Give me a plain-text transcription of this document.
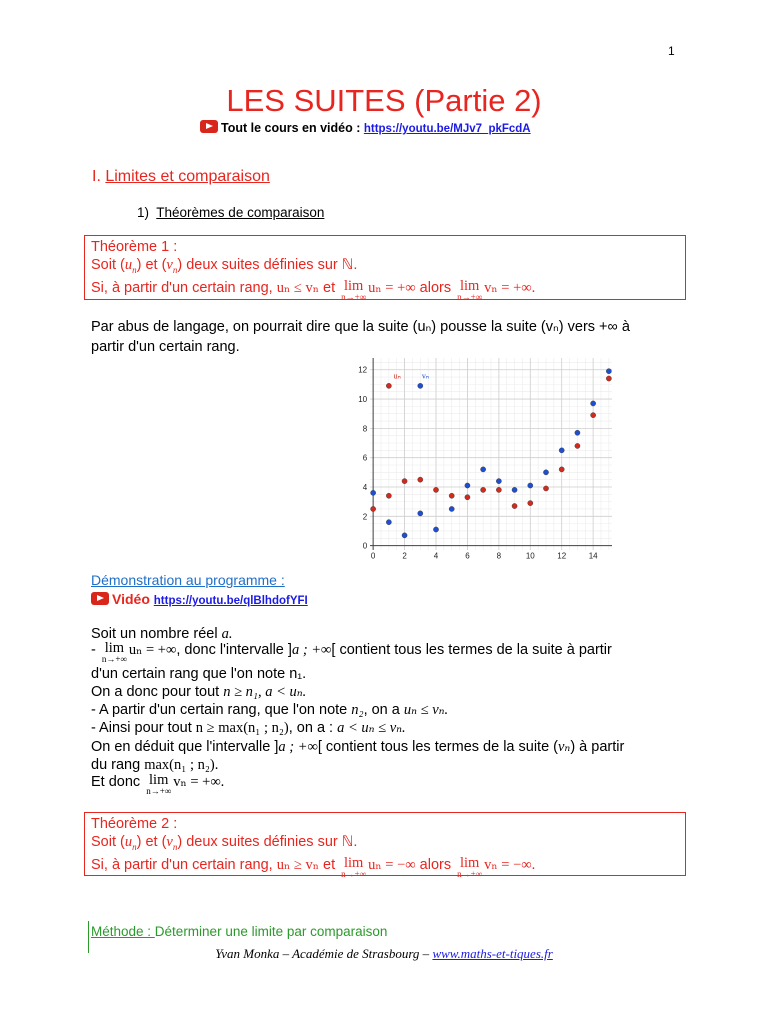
1
LES SUITES (Partie 2)
Tout le cours en vidéo : https://youtu.be/MJv7_pkFcdA
I. Limites et comparaison
1) Théorèmes de comparaison
Théorème 1 :
Soit $(u_n)$ et $(v_n)$ deux suites définies sur ℕ.
Si, à partir d'un certain rang, uₙ ≤ vₙ et lim
n→+∞
uₙ = +∞ alors lim
n→+∞
vₙ = +∞.
Par abus de langage, on pourrait dire que la suite (uₙ) pousse la suite (vₙ) vers +∞ à
partir d'un certain rang.
0	2	4	6	8	10	12	14
0
2
4
6
8
10
12
uₙ	vₙ
Démonstration au programme :
Vidéo https://youtu.be/qlBlhdofYFI
Soit un nombre réel a.
- lim
n→+∞
uₙ = +∞, donc l'intervalle ]a ; +∞[ contient tous les termes de la suite à partir
d'un certain rang que l'on note n₁.
On a donc pour tout n ≥ n₁, a < uₙ.
- A partir d'un certain rang, que l'on note n₂, on a uₙ ≤ vₙ.
- Ainsi pour tout n ≥ max(n₁ ; n₂), on a : a < uₙ ≤ vₙ.
On en déduit que l'intervalle ]a ; +∞[ contient tous les termes de la suite (vₙ) à partir
du rang max(n₁ ; n₂).
Et donc lim
n→+∞
vₙ = +∞.
Théorème 2 :
Soit $(u_n)$ et $(v_n)$ deux suites définies sur ℕ.
Si, à partir d'un certain rang, uₙ ≥ vₙ et lim
n→+∞
uₙ = −∞ alors lim
n→+∞
vₙ = −∞.
Méthode : Déterminer une limite par comparaison
Yvan Monka – Académie de Strasbourg – www.maths-et-tiques.fr
